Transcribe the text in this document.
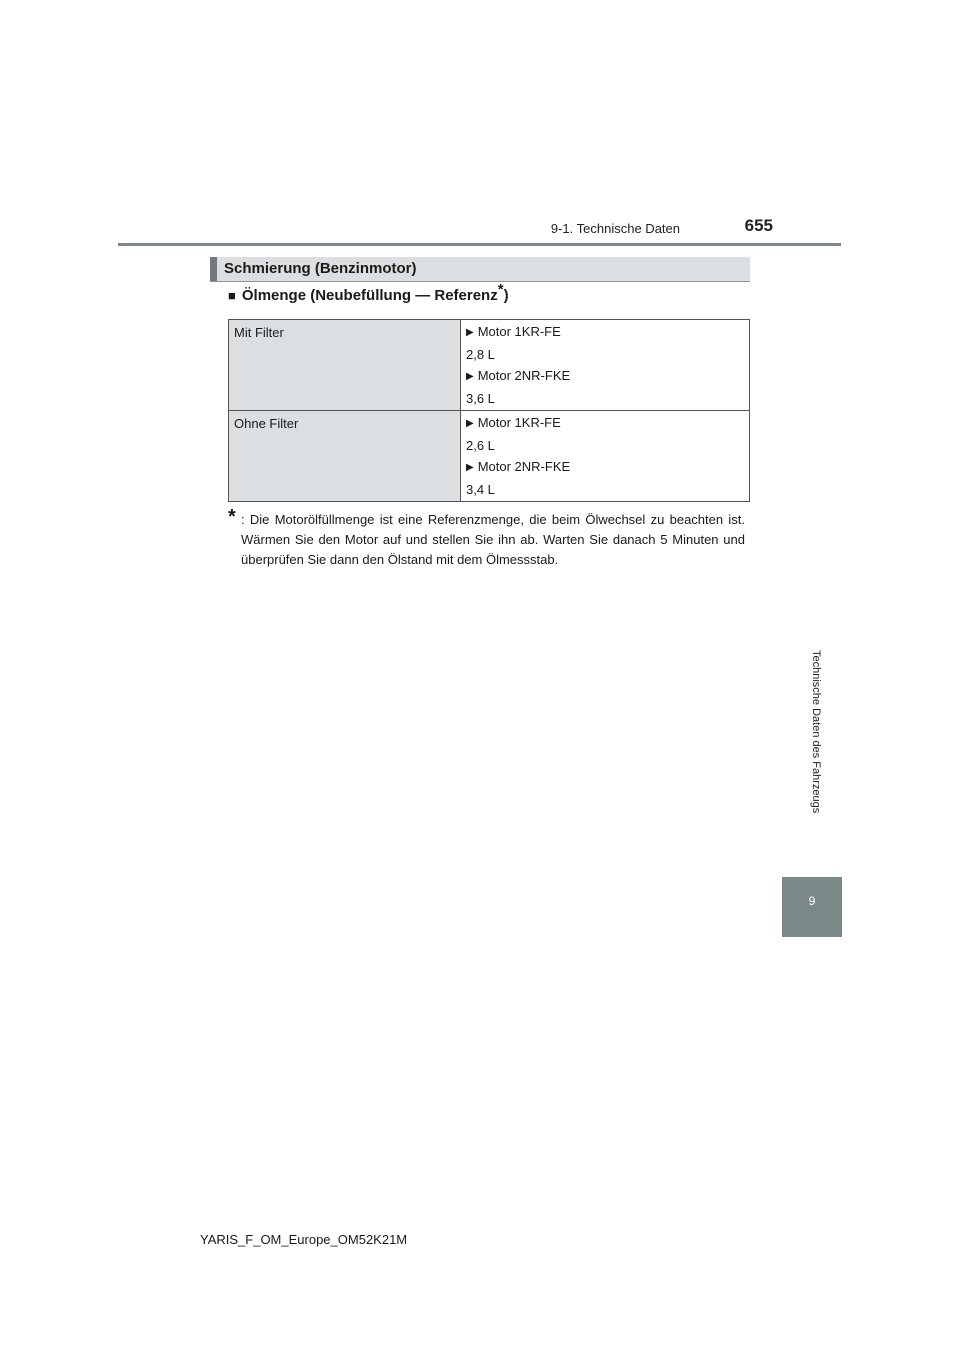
9-1. Technische Daten	655
Schmierung (Benzinmotor)
■ Ölmenge (Neubefüllung — Referenz*)
Mit Filter	▶ Motor 1KR-FE
2,8 L
▶ Motor 2NR-FKE
3,6 L

Ohne Filter	▶ Motor 1KR-FE
2,6 L
▶ Motor 2NR-FKE
3,4 L
* : Die Motorölfüllmenge ist eine Referenzmenge, die beim Ölwechsel zu beachten ist. Wärmen Sie den Motor auf und stellen Sie ihn ab. Warten Sie danach 5 Minuten und überprüfen Sie dann den Ölstand mit dem Ölmessstab.
Technische Daten des Fahrzeugs
9
YARIS_F_OM_Europe_OM52K21M
